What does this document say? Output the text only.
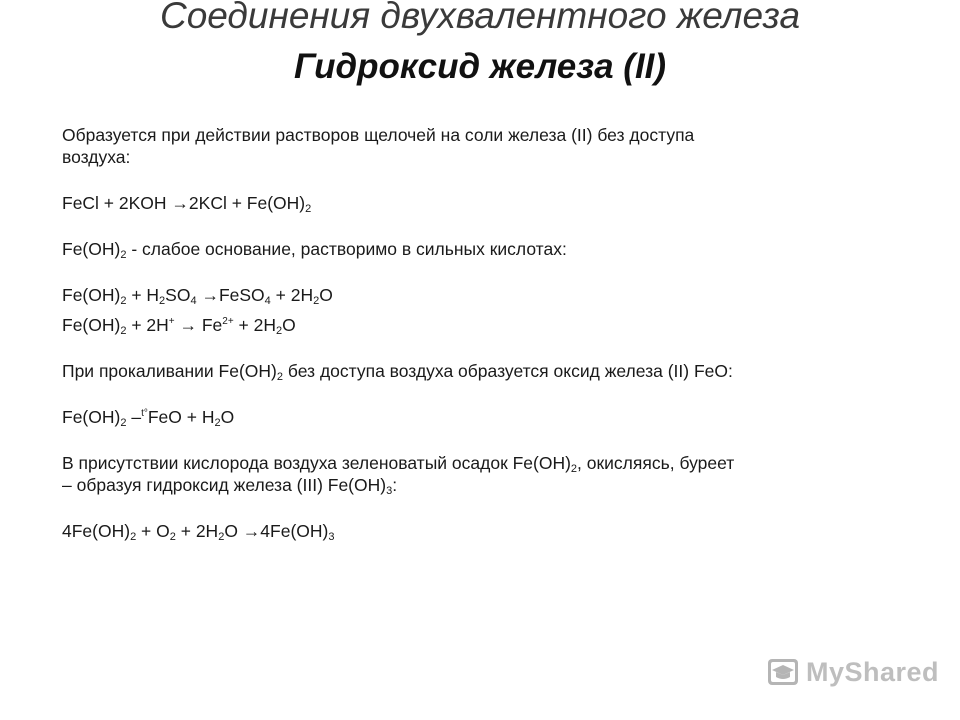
Соединения двухвалентного железа
Гидроксид железа (II)

Образуется при действии растворов щелочей на соли железа (II) без доступа
воздуха:

FeCl + $2KOH \to 2KCl + Fe(OH)_2$

$Fe(OH)_2$ - слабое основание, растворимо в сильных кислотах:

$Fe(OH)_2 + H_2SO_4$ →FeSO$_4$ + $2H_2O$

$Fe(OH)_2 + 2H^+ \to Fe^{2+} + 2H_2O$

При прокаливании $Fe(OH)_2$ без доступа воздуха образуется оксид железа (II) FeO:

$Fe(OH)_2$ $-^{t^\circ}FeO + H_2O$

В присутствии кислорода воздуха зеленоватый осадок $Fe(OH)_2$, окисляясь, буреет
– образуя гидроксид железа (III) $Fe(OH)_3$:

$4Fe(OH)_2 + O_2 + 2H_2O \to 4Fe(OH)_3$

MyShared
